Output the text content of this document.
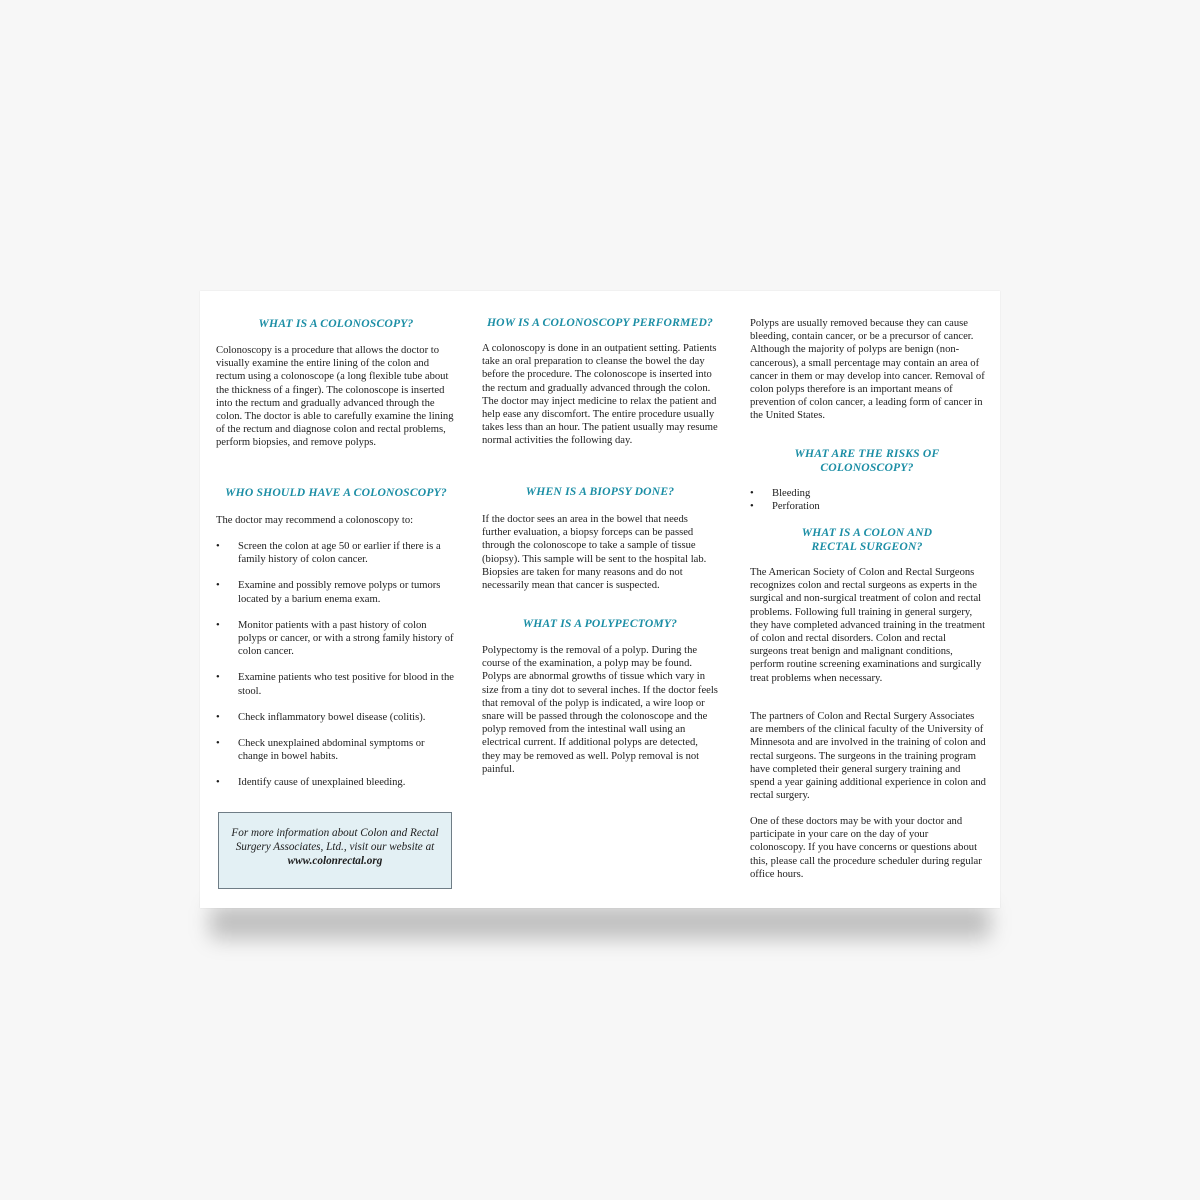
WHAT IS A COLONOSCOPY?

Colonoscopy is a procedure that allows the doctor to visually examine the entire lining of the colon and rectum using a colonoscope (a long flexible tube about the thickness of a finger). The colonoscope is inserted into the rectum and gradually advanced through the colon. The doctor is able to carefully examine the lining of the rectum and diagnose colon and rectal problems, perform biopsies, and remove polyps.

WHO SHOULD HAVE A COLONOSCOPY?

The doctor may recommend a colonoscopy to:

• Screen the colon at age 50 or earlier if there is a family history of colon cancer.
• Examine and possibly remove polyps or tumors located by a barium enema exam.
• Monitor patients with a past history of colon polyps or cancer, or with a strong family history of colon cancer.
• Examine patients who test positive for blood in the stool.
• Check inflammatory bowel disease (colitis).
• Check unexplained abdominal symptoms or change in bowel habits.
• Identify cause of unexplained bleeding.
For more information about Colon and Rectal Surgery Associates, Ltd., visit our website at www.colonrectal.org
HOW IS A COLONOSCOPY PERFORMED?

A colonoscopy is done in an outpatient setting. Patients take an oral preparation to cleanse the bowel the day before the procedure. The colonoscope is inserted into the rectum and gradually advanced through the colon. The doctor may inject medicine to relax the patient and help ease any discomfort. The entire procedure usually takes less than an hour. The patient usually may resume normal activities the following day.

WHEN IS A BIOPSY DONE?

If the doctor sees an area in the bowel that needs further evaluation, a biopsy forceps can be passed through the colonoscope to take a sample of tissue (biopsy). This sample will be sent to the hospital lab. Biopsies are taken for many reasons and do not necessarily mean that cancer is suspected.

WHAT IS A POLYPECTOMY?

Polypectomy is the removal of a polyp. During the course of the examination, a polyp may be found. Polyps are abnormal growths of tissue which vary in size from a tiny dot to several inches. If the doctor feels that removal of the polyp is indicated, a wire loop or snare will be passed through the colonoscope and the polyp removed from the intestinal wall using an electrical current. If additional polyps are detected, they may be removed as well. Polyp removal is not painful.

Polyps are usually removed because they can cause bleeding, contain cancer, or be a precursor of cancer. Although the majority of polyps are benign (non-cancerous), a small percentage may contain an area of cancer in them or may develop into cancer. Removal of colon polyps therefore is an important means of prevention of colon cancer, a leading form of cancer in the United States.

WHAT ARE THE RISKS OF
COLONOSCOPY?
• Bleeding
• Perforation
WHAT IS A COLON AND
RECTAL SURGEON?

The American Society of Colon and Rectal Surgeons recognizes colon and rectal surgeons as experts in the surgical and non-surgical treatment of colon and rectal problems. Following full training in general surgery, they have completed advanced training in the treatment of colon and rectal disorders. Colon and rectal surgeons treat benign and malignant conditions, perform routine screening examinations and surgically treat problems when necessary.

The partners of Colon and Rectal Surgery Associates are members of the clinical faculty of the University of Minnesota and are involved in the training of colon and rectal surgeons. The surgeons in the training program have completed their general surgery training and spend a year gaining additional experience in colon and rectal surgery.

One of these doctors may be with your doctor and participate in your care on the day of your colonoscopy. If you have concerns or questions about this, please call the procedure scheduler during regular office hours.
